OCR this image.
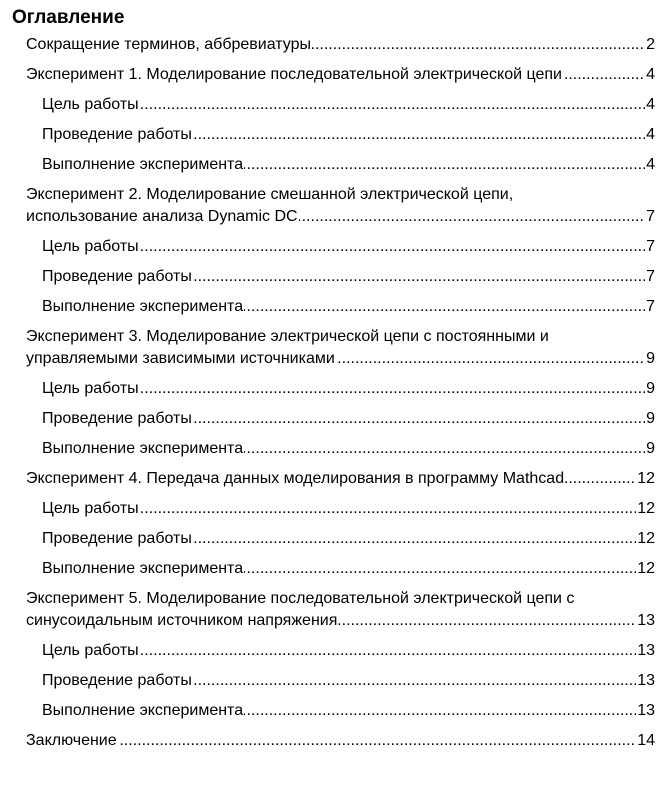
Оглавление
..... Сокращение терминов, аббревиатуры	2
..... Эксперимент 1. Моделирование последовательной электрической цепи	4
..... Цель работы	4
..... Проведение работы	4
..... Выполнение эксперимента	4
..... Эксперимент 2. Моделирование смешанной электрической цепи, использование анализа Dynamic DC	7
..... Цель работы	7
..... Проведение работы	7
..... Выполнение эксперимента	7
..... Эксперимент 3. Моделирование электрической цепи с постоянными и управляемыми зависимыми источниками	9
..... Цель работы	9
..... Проведение работы	9
..... Выполнение эксперимента	9
..... Эксперимент 4. Передача данных моделирования в программу Mathcad	12
..... Цель работы	12
..... Проведение работы	12
..... Выполнение эксперимента	12
..... Эксперимент 5. Моделирование последовательной электрической цепи с синусоидальным источником напряжения	13
..... Цель работы	13
..... Проведение работы	13
..... Выполнение эксперимента	13
..... Заключение	14
